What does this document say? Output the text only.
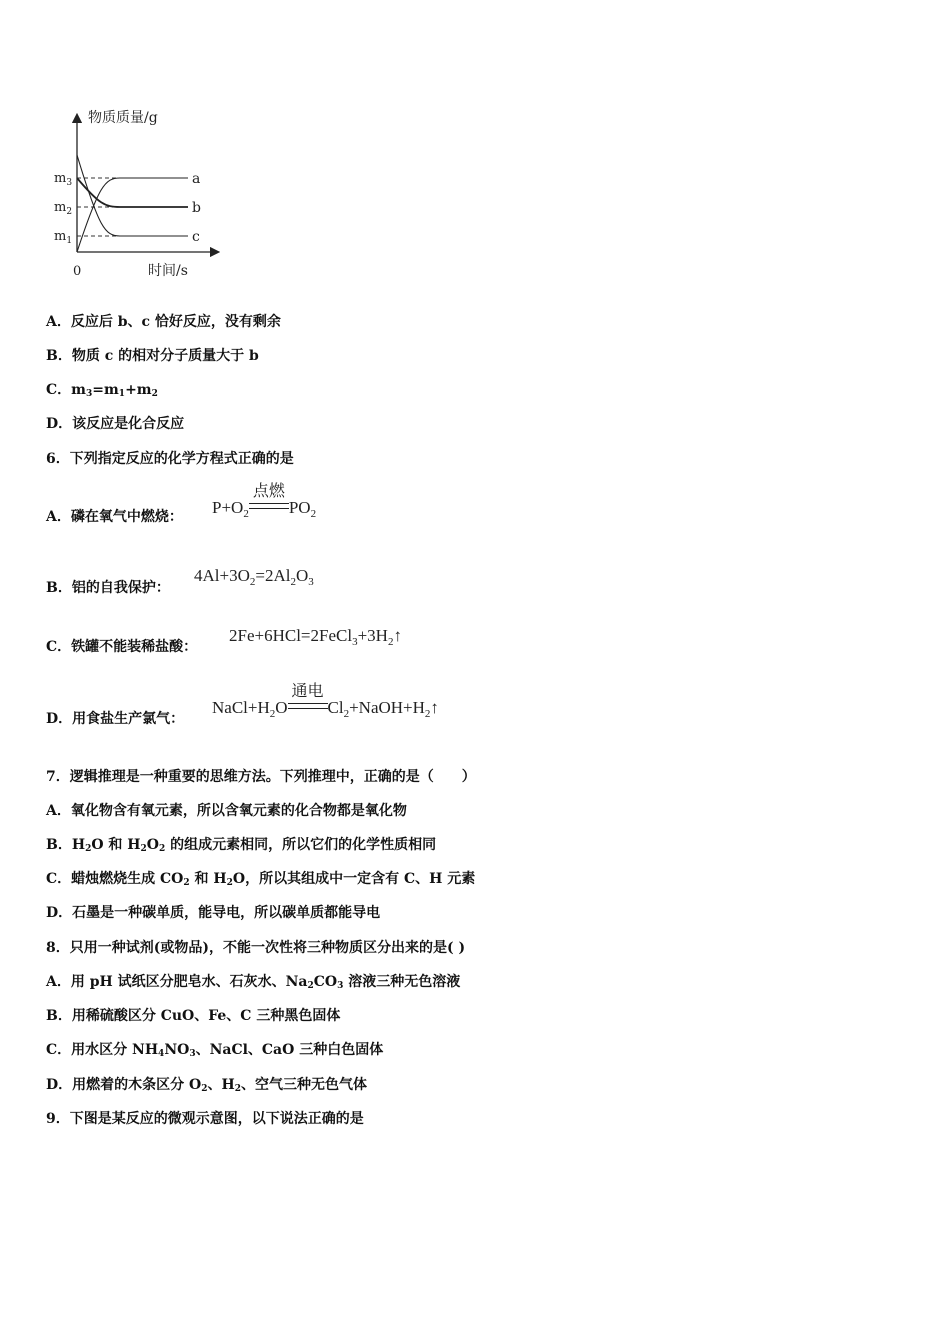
物质质量/g
时间/s
0
$m_3$
$m_2$
$m_1$
a
b
c
A．反应后 b、c 恰好反应，没有剩余
B．物质 c 的相对分子质量大于 b
C．$m_3=m_1+m_2$
D．该反应是化合反应
6．下列指定反应的化学方程式正确的是
A．磷在氧气中燃烧： $P+O_2$
点燃
$PO_2$
B．铝的自我保护：
$4Al+3O_2=2Al_2O_3$
C．铁罐不能装稀盐酸：
$2Fe+6HCl=2FeCl_3+3H_2↑$
D．用食盐生产氯气：
$NaCl+H_2O$
通电
$Cl_2+NaOH+H_2↑$
7．逻辑推理是一种重要的思维方法。下列推理中，正确的是（　　）
A．氧化物含有氧元素，所以含氧元素的化合物都是氧化物
B．$H_2O$ 和 $H_2O_2$ 的组成元素相同，所以它们的化学性质相同
C．蜡烛燃烧生成 $CO_2$ 和 $H_2O$，所以其组成中一定含有 C、H 元素
D．石墨是一种碳单质，能导电，所以碳单质都能导电
8．只用一种试剂(或物品)，不能一次性将三种物质区分出来的是( )
A．用 pH 试纸区分肥皂水、石灰水、$Na_2CO_3$ 溶液三种无色溶液
B．用稀硫酸区分 CuO、Fe、C 三种黑色固体
C．用水区分 $NH_4NO_3$、NaCl、CaO 三种白色固体
D．用燃着的木条区分 $O_2$、$H_2$、空气三种无色气体
9．下图是某反应的微观示意图，以下说法正确的是
